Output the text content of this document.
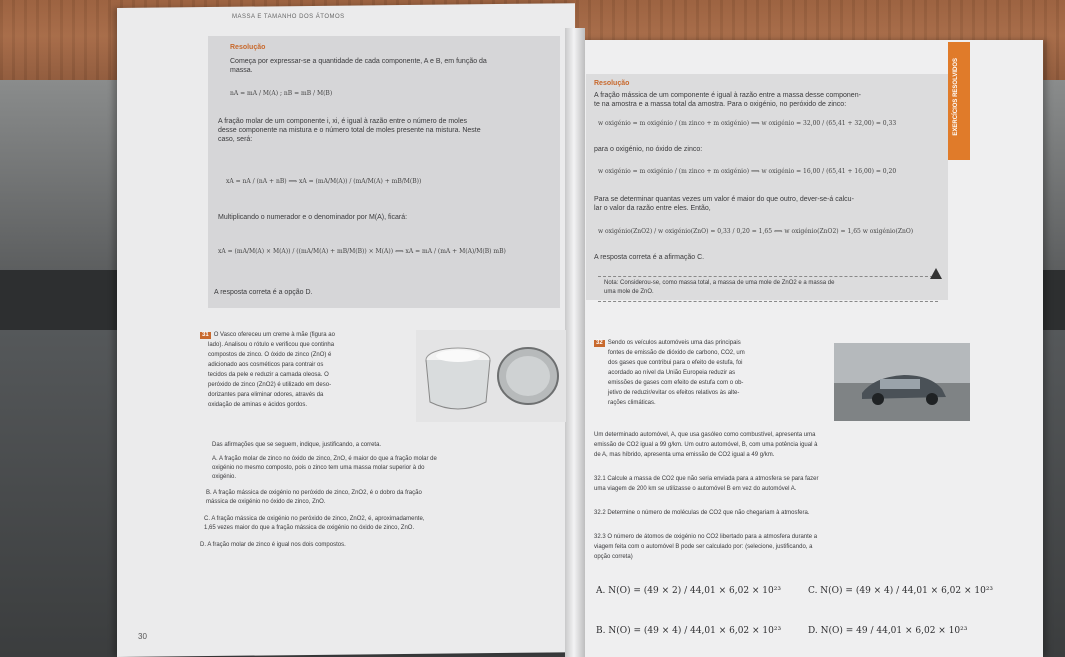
MASSA E TAMANHO DOS ÁTOMOS
Resolução
Começa por expressar-se a quantidade de cada componente, A e B, em função da
massa.
nA = mA / M(A) ; nB = mB / M(B)
A fração molar de um componente i, xi, é igual à razão entre o número de moles
desse componente na mistura e o número total de moles presente na mistura. Neste
caso, será:
xA = nA / (nA + nB) ⟹ xA = (mA/M(A)) / (mA/M(A) + mB/M(B))
Multiplicando o numerador e o denominador por M(A), ficará:
xA = (mA/M(A) × M(A)) / ((mA/M(A) + mB/M(B)) × M(A)) ⟺ xA = mA / (mA + M(A)/M(B) mB)
A resposta correta é a opção D.
31 O Vasco ofereceu um creme à mãe (figura ao
lado). Analisou o rótulo e verificou que continha
compostos de zinco. O óxido de zinco (ZnO) é
adicionado aos cosméticos para contrair os
tecidos da pele e reduzir a camada oleosa. O
peróxido de zinco (ZnO2) é utilizado em deso-
dorizantes para eliminar odores, através da
oxidação de aminas e ácidos gordos.
Das afirmações que se seguem, indique, justificando, a correta.
A. A fração molar de zinco no óxido de zinco, ZnO, é maior do que a fração molar de
oxigénio no mesmo composto, pois o zinco tem uma massa molar superior à do
oxigénio.
B. A fração mássica de oxigénio no peróxido de zinco, ZnO2, é o dobro da fração
mássica de oxigénio no óxido de zinco, ZnO.
C. A fração mássica de oxigénio no peróxido de zinco, ZnO2, é, aproximadamente,
1,65 vezes maior do que a fração mássica de oxigénio no óxido de zinco, ZnO.
D. A fração molar de zinco é igual nos dois compostos.
30
Resolução
A fração mássica de um componente é igual à razão entre a massa desse componen-
te na amostra e a massa total da amostra. Para o oxigénio, no peróxido de zinco:
w oxigénio = m oxigénio / (m zinco + m oxigénio) ⟹ w oxigénio = 32,00 / (65,41 + 32,00) = 0,33
para o oxigénio, no óxido de zinco:
w oxigénio = m oxigénio / (m zinco + m oxigénio) ⟹ w oxigénio = 16,00 / (65,41 + 16,00) = 0,20
Para se determinar quantas vezes um valor é maior do que outro, dever-se-á calcu-
lar o valor da razão entre eles. Então,
w oxigénio(ZnO2) / w oxigénio(ZnO) = 0,33 / 0,20 = 1,65 ⟺ w oxigénio(ZnO2) = 1,65 w oxigénio(ZnO)
A resposta correta é a afirmação C.
Nota: Considerou-se, como massa total, a massa de uma mole de ZnO2 e a massa de
uma mole de ZnO.
EXERCÍCIOS RESOLVIDOS
32 Sendo os veículos automóveis uma das principais
fontes de emissão de dióxido de carbono, CO2, um
dos gases que contribui para o efeito de estufa, foi
acordado ao nível da União Europeia reduzir as
emissões de gases com efeito de estufa com o ob-
jetivo de reduzir/evitar os efeitos relativos às alte-
rações climáticas.
Um determinado automóvel, A, que usa gasóleo como combustível, apresenta uma
emissão de CO2 igual a 99 g/km. Um outro automóvel, B, com uma potência igual à
de A, mas híbrido, apresenta uma emissão de CO2 igual a 49 g/km.
32.1 Calcule a massa de CO2 que não seria enviada para a atmosfera se para fazer
uma viagem de 200 km se utilizasse o automóvel B em vez do automóvel A.
32.2 Determine o número de moléculas de CO2 que não chegariam à atmosfera.
32.3 O número de átomos de oxigénio no CO2 libertado para a atmosfera durante a
viagem feita com o automóvel B pode ser calculado por: (selecione, justificando, a
opção correta)
A. N(O) = (49 × 2) / 44,01 × 6,02 × 10²³	C. N(O) = (49 × 4) / 44,01 × 6,02 × 10²³
B. N(O) = (49 × 4) / 44,01 × 6,02 × 10²³	D. N(O) = 49 / 44,01 × 6,02 × 10²³
